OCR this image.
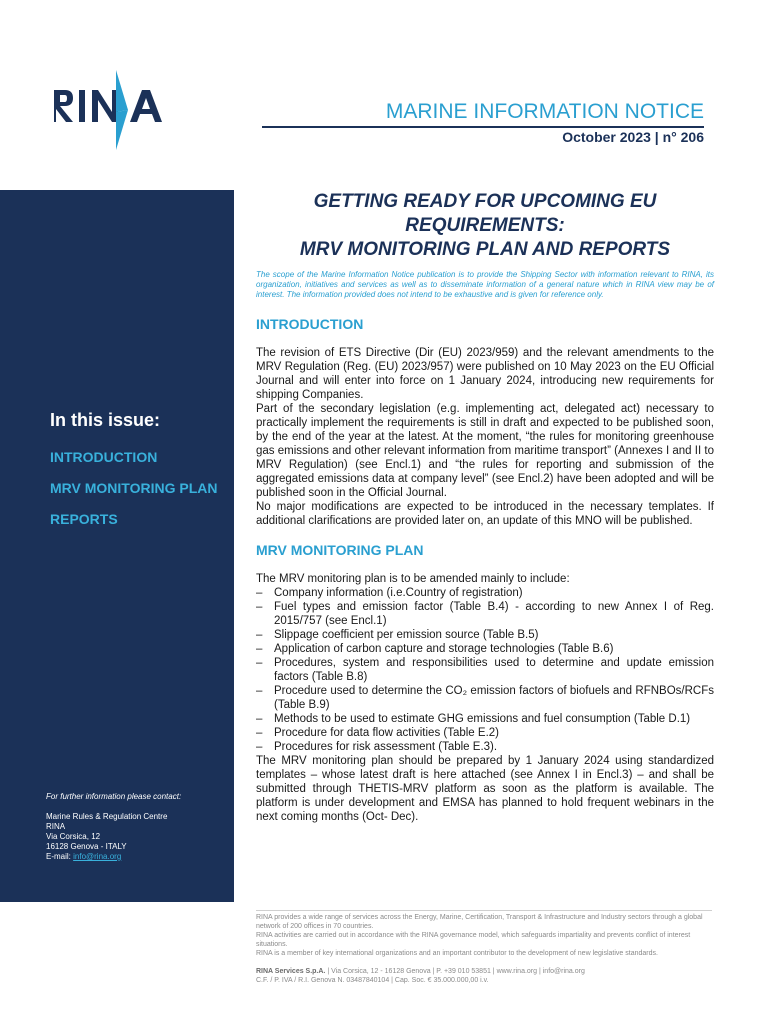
MARINE INFORMATION NOTICE
October 2023 | n° 206
In this issue:
INTRODUCTION
MRV MONITORING PLAN
REPORTS
For further information please contact:
Marine Rules & Regulation Centre
RINA
Via Corsica, 12
16128 Genova - ITALY
E-mail: info@rina.org
GETTING READY FOR UPCOMING EU
REQUIREMENTS:
MRV MONITORING PLAN AND REPORTS

The scope of the Marine Information Notice publication is to provide the Shipping Sector with information relevant to RINA, its organization, initiatives and services as well as to disseminate information of a general nature which in RINA view may be of interest. The information provided does not intend to be exhaustive and is given for reference only.

INTRODUCTION

The revision of ETS Directive (Dir (EU) 2023/959) and the relevant amendments to the MRV Regulation (Reg. (EU) 2023/957) were published on 10 May 2023 on the EU Official Journal and will enter into force on 1 January 2024, introducing new requirements for shipping Companies.

Part of the secondary legislation (e.g. implementing act, delegated act) necessary to practically implement the requirements is still in draft and expected to be published soon, by the end of the year at the latest. At the moment, “the rules for monitoring greenhouse gas emissions and other relevant information from maritime transport” (Annexes I and II to MRV Regulation) (see Encl.1) and “the rules for reporting and submission of the aggregated emissions data at company level” (see Encl.2) have been adopted and will be published soon in the Official Journal.

No major modifications are expected to be introduced in the necessary templates. If additional clarifications are provided later on, an update of this MNO will be published.

MRV MONITORING PLAN

The MRV monitoring plan is to be amended mainly to include:

– Company information (i.e.Country of registration)
– Fuel types and emission factor (Table B.4) - according to new Annex I of Reg. 2015/757 (see Encl.1)
– Slippage coefficient per emission source (Table B.5)
– Application of carbon capture and storage technologies (Table B.6)
– Procedures, system and responsibilities used to determine and update emission factors (Table B.8)
– Procedure used to determine the CO₂ emission factors of biofuels and RFNBOs/RCFs (Table B.9)
– Methods to be used to estimate GHG emissions and fuel consumption (Table D.1)
– Procedure for data flow activities (Table E.2)
– Procedures for risk assessment (Table E.3).

The MRV monitoring plan should be prepared by 1 January 2024 using standardized templates – whose latest draft is here attached (see Annex I in Encl.3) – and shall be submitted through THETIS-MRV platform as soon as the platform is available. The platform is under development and EMSA has planned to hold frequent webinars in the next coming months (Oct- Dec).

RINA provides a wide range of services across the Energy, Marine, Certification, Transport & Infrastructure and Industry sectors through a global network of 200 offices in 70 countries.

RINA activities are carried out in accordance with the RINA governance model, which safeguards impartiality and prevents conflict of interest situations.

RINA is a member of key international organizations and an important contributor to the development of new legislative standards.

RINA Services S.p.A. | Via Corsica, 12 - 16128 Genova | P. +39 010 53851 | www.rina.org | info@rina.org

C.F. / P. IVA / R.I. Genova N. 03487840104 | Cap. Soc. € 35.000.000,00 i.v.
